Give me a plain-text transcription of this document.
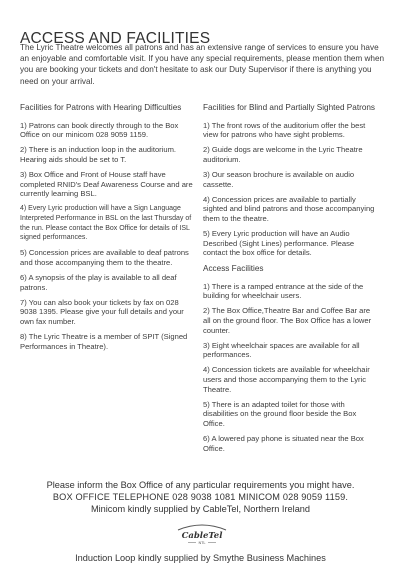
ACCESS AND FACILITIES

The Lyric Theatre welcomes all patrons and has an extensive range of services to ensure you have an enjoyable and comfortable visit. If you have any special requirements, please mention them when you are booking your tickets and don't hesitate to ask our Duty Supervisor if there is anything you need on your arrival.

Facilities for Patrons with Hearing Difficulties

1) Patrons can book directly through to the Box Office on our minicom 028 9059 1159.

2) There is an induction loop in the auditorium. Hearing aids should be set to T.

3) Box Office and Front of House staff have completed RNID's Deaf Awareness Course and are currently learning BSL.

4) Every Lyric production will have a Sign Language Interpreted Performance in BSL on the last Thursday of the run. Please contact the Box Office for details of ISL signed performances.

5) Concession prices are available to deaf patrons and those accompanying them to the theatre.

6) A synopsis of the play is available to all deaf patrons.

7) You can also book your tickets by fax on 028 9038 1395. Please give your full details and your own fax number.

8) The Lyric Theatre is a member of SPIT (Signed Performances in Theatre).

Facilities for Blind and Partially Sighted Patrons

1) The front rows of the auditorium offer the best view for patrons who have sight problems.

2) Guide dogs are welcome in the Lyric Theatre auditorium.

3) Our season brochure is available on audio cassette.

4) Concession prices are available to partially sighted and blind patrons and those accompanying them to the theatre.

5) Every Lyric production will have an Audio Described (Sight Lines) performance. Please contact the box office for details.

Access Facilities

1) There is a ramped entrance at the side of the building for wheelchair users.

2) The Box Office,Theatre Bar and Coffee Bar are all on the ground floor. The Box Office has a lower counter.

3) Eight wheelchair spaces are available for all performances.

4) Concession tickets are available for wheelchair users and those accompanying them to the Lyric Theatre.

5) There is an adapted toilet for those with disabilities on the ground floor beside the Box Office.

6) A lowered pay phone is situated near the Box Office.

Please inform the Box Office of any particular requirements you might have.
BOX OFFICE TELEPHONE 028 9038 1081 MINICOM 028 9059 1159.
Minicom kindly supplied by CableTel, Northern Ireland
CableTel
NTL
Induction Loop kindly supplied by Smythe Business Machines
